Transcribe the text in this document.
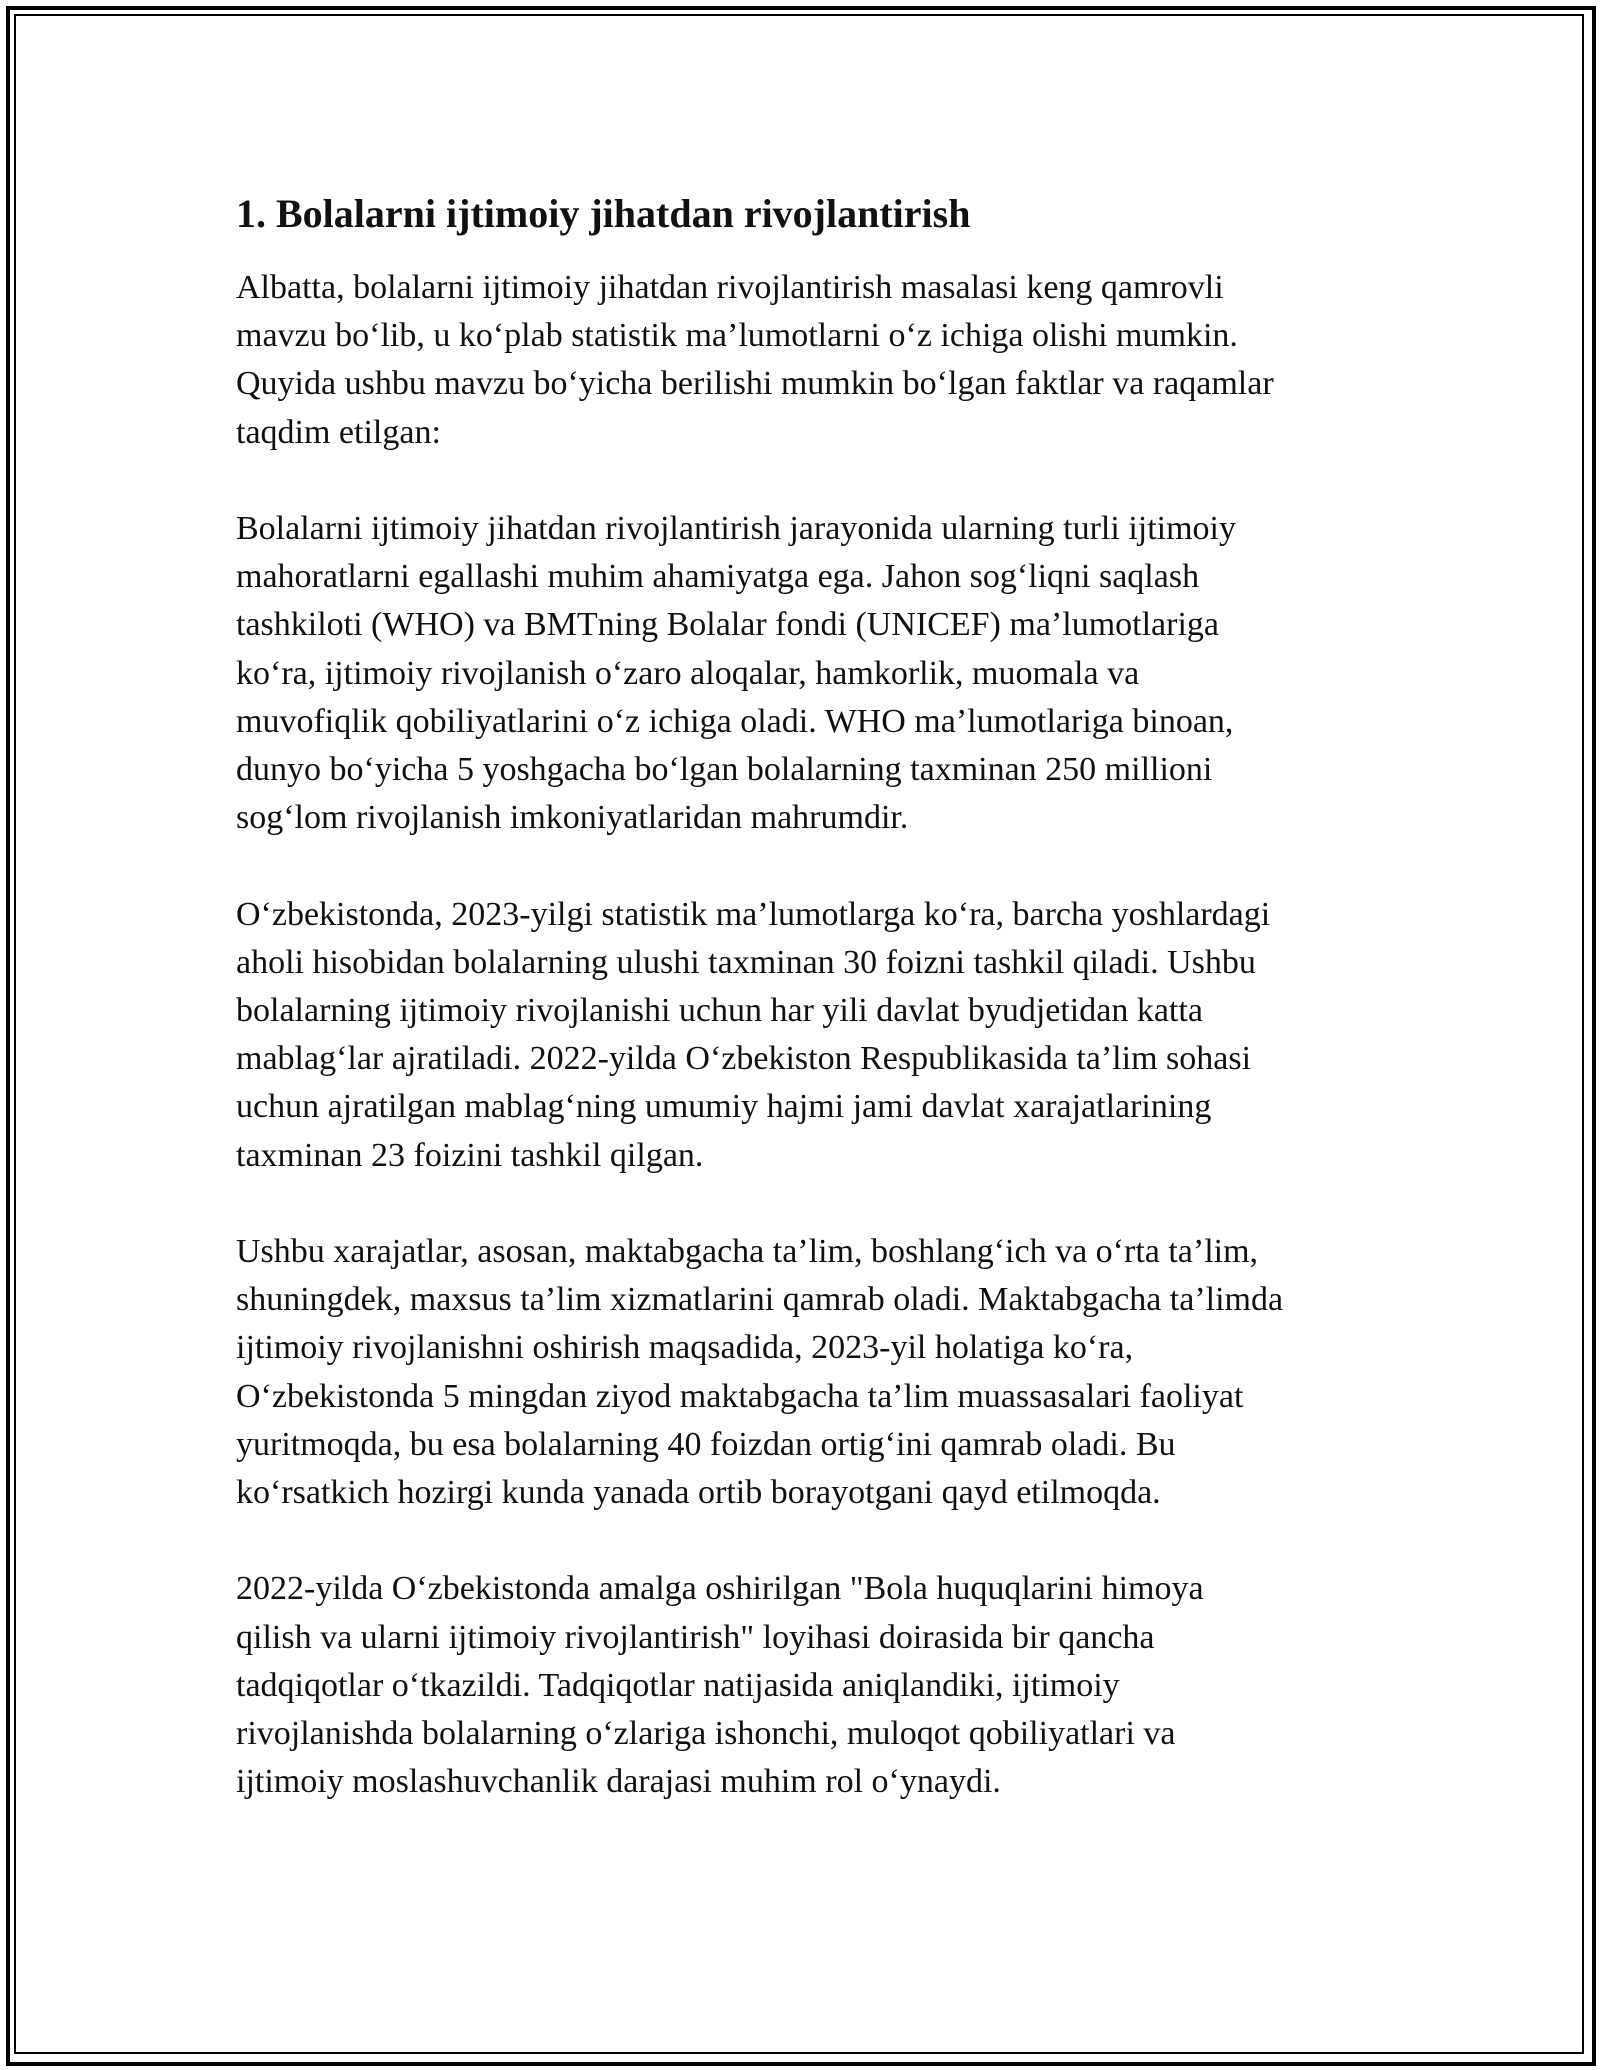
1. Bolalarni ijtimoiy jihatdan rivojlantirish

Albatta, bolalarni ijtimoiy jihatdan rivojlantirish masalasi keng qamrovli
mavzu bo‘lib, u ko‘plab statistik ma’lumotlarni o‘z ichiga olishi mumkin.
Quyida ushbu mavzu bo‘yicha berilishi mumkin bo‘lgan faktlar va raqamlar
taqdim etilgan:

Bolalarni ijtimoiy jihatdan rivojlantirish jarayonida ularning turli ijtimoiy
mahoratlarni egallashi muhim ahamiyatga ega. Jahon sog‘liqni saqlash
tashkiloti (WHO) va BMTning Bolalar fondi (UNICEF) ma’lumotlariga
ko‘ra, ijtimoiy rivojlanish o‘zaro aloqalar, hamkorlik, muomala va
muvofiqlik qobiliyatlarini o‘z ichiga oladi. WHO ma’lumotlariga binoan,
dunyo bo‘yicha 5 yoshgacha bo‘lgan bolalarning taxminan 250 millioni
sog‘lom rivojlanish imkoniyatlaridan mahrumdir.

O‘zbekistonda, 2023-yilgi statistik ma’lumotlarga ko‘ra, barcha yoshlardagi
aholi hisobidan bolalarning ulushi taxminan 30 foizni tashkil qiladi. Ushbu
bolalarning ijtimoiy rivojlanishi uchun har yili davlat byudjetidan katta
mablag‘lar ajratiladi. 2022-yilda O‘zbekiston Respublikasida ta’lim sohasi
uchun ajratilgan mablag‘ning umumiy hajmi jami davlat xarajatlarining
taxminan 23 foizini tashkil qilgan.

Ushbu xarajatlar, asosan, maktabgacha ta’lim, boshlang‘ich va o‘rta ta’lim,
shuningdek, maxsus ta’lim xizmatlarini qamrab oladi. Maktabgacha ta’limda
ijtimoiy rivojlanishni oshirish maqsadida, 2023-yil holatiga ko‘ra,
O‘zbekistonda 5 mingdan ziyod maktabgacha ta’lim muassasalari faoliyat
yuritmoqda, bu esa bolalarning 40 foizdan ortig‘ini qamrab oladi. Bu
ko‘rsatkich hozirgi kunda yanada ortib borayotgani qayd etilmoqda.

2022-yilda O‘zbekistonda amalga oshirilgan "Bola huquqlarini himoya
qilish va ularni ijtimoiy rivojlantirish" loyihasi doirasida bir qancha
tadqiqotlar o‘tkazildi. Tadqiqotlar natijasida aniqlandiki, ijtimoiy
rivojlanishda bolalarning o‘zlariga ishonchi, muloqot qobiliyatlari va
ijtimoiy moslashuvchanlik darajasi muhim rol o‘ynaydi.
